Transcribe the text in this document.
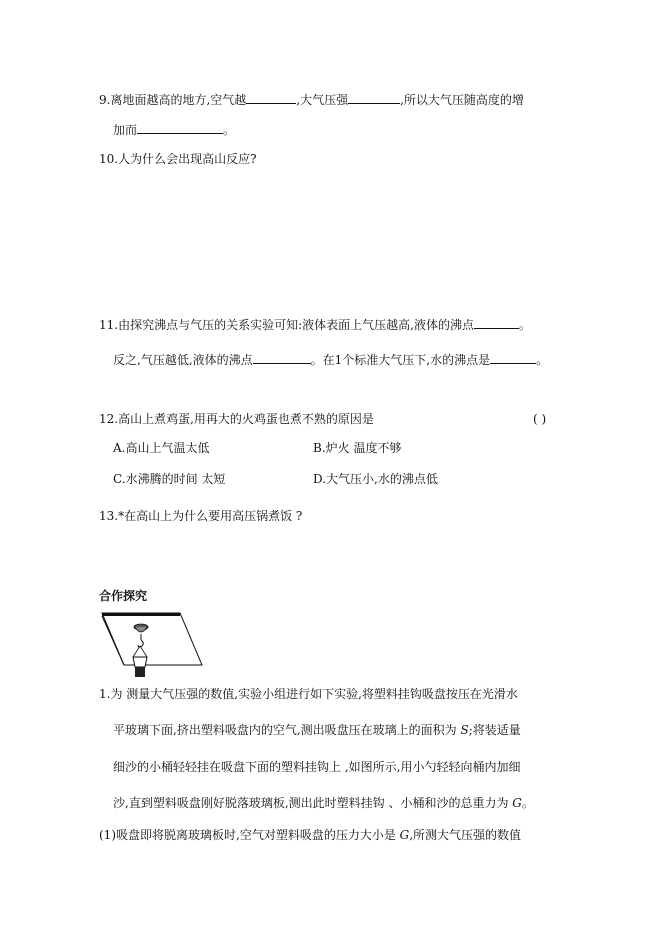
9.离地面越高的地方,空气越	,大气压强	,所以大气压随高度的增
加而	。
10.人为什么会出现高山反应?
11.由探究沸点与气压的关系实验可知:液体表面上气压越高,液体的沸点	。
反之,气压越低,液体的沸点	。在1个标准大气压下,水的沸点是	。
12.高山上煮鸡蛋,用再大的火鸡蛋也煮不熟的原因是	( )
A.高山上气温太低	B.炉火 温度不够
C.水沸腾的时间 太短	D.大气压小,水的沸点低
13.*在高山上为什么要用高压锅煮饭 ?
合作探究
1.为 测量大气压强的数值,实验小组进行如下实验,将塑料挂钩吸盘按压在光滑水
平玻璃下面,挤出塑料吸盘内的空气,测出吸盘压在玻璃上的面积为 S;将装适量
细沙的小桶轻轻挂在吸盘下面的塑料挂钩上 ,如图所示,用小勺轻轻向桶内加细
沙,直到塑料吸盘刚好脱落玻璃板,测出此时塑料挂钩 、小桶和沙的总重力为 G。
(1)吸盘即将脱离玻璃板时,空气对塑料吸盘的压力大小是 G,所测大气压强的数值
